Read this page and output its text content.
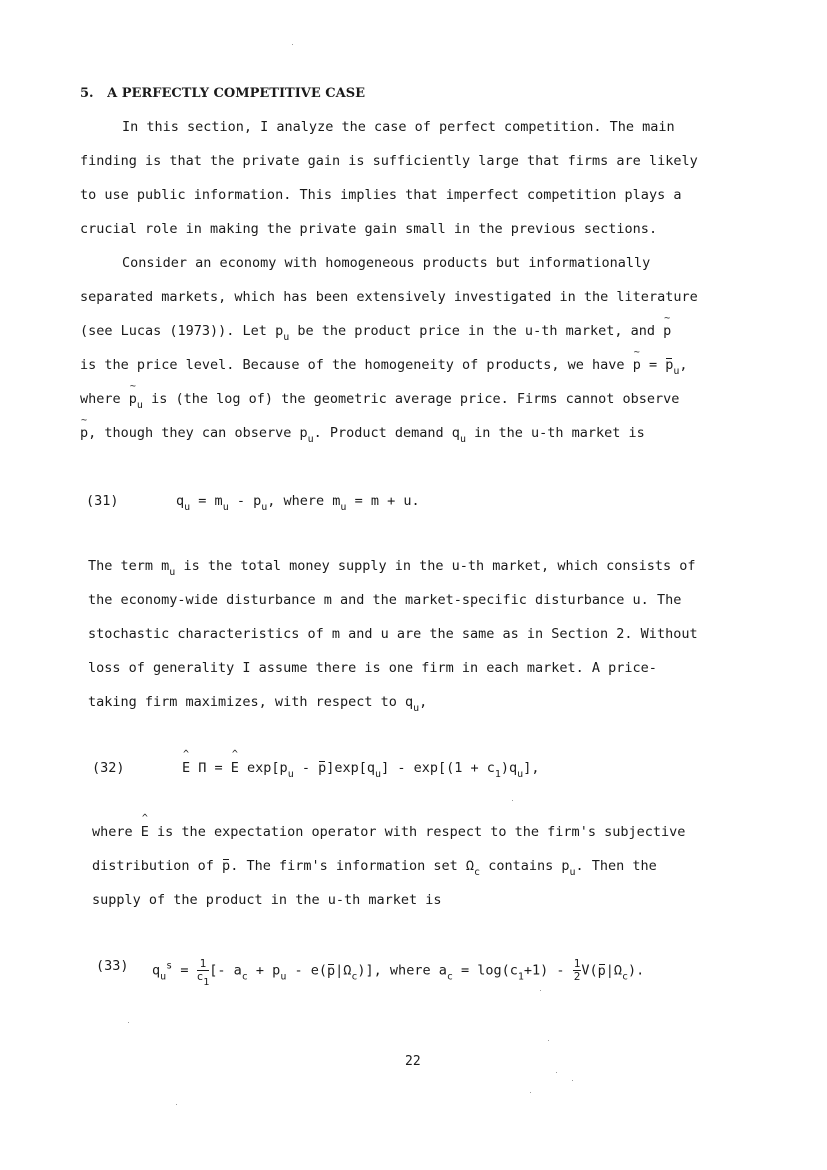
5. A PERFECTLY COMPETITIVE CASE
In this section, I analyze the case of perfect competition. The main
finding is that the private gain is sufficiently large that firms are likely
to use public information. This implies that imperfect competition plays a
crucial role in making the private gain small in the previous sections.
Consider an economy with homogeneous products but informationally
separated markets, which has been extensively investigated in the literature
(see Lucas (1973)). Let $p_u$ be the product price in the u-th market, and ~ p
is the price level. Because of the homogeneity of products, we have ~ $p = p_u$,
where ~ $p_u$ is (the log of) the geometric average price. Firms cannot observe
~ p, though they can observe $p_u$. Product demand $q_u$ in the u-th market is
(31)	$q_u = m_u - p_u$, where $m_u = m + u$.
The term $m_u$ is the total money supply in the u-th market, which consists of
the economy-wide disturbance m and the market-specific disturbance u. The
stochastic characteristics of m and u are the same as in Section 2. Without
loss of generality I assume there is one firm in each market. A price-
taking firm maximizes, with respect to $q_u$,
(32)
^	E Π = ^ E $\exp[p_u - p]\exp[q_u] - \exp[(1 + c_1)q_u]$,
where ^ E is the expectation operator with respect to the firm's subjective
distribution of p. The firm's information set $\Omega_c$ contains $p_u$. Then the
supply of the product in the u-th market is
(33) $q_u^s = \frac{1}{c_1}$ [- $a_c + p_u - e(p|\Omega_c)$], where $a_c = \log(c_1+1) - \frac{1}{2} V(p|\Omega_c)$.
22
